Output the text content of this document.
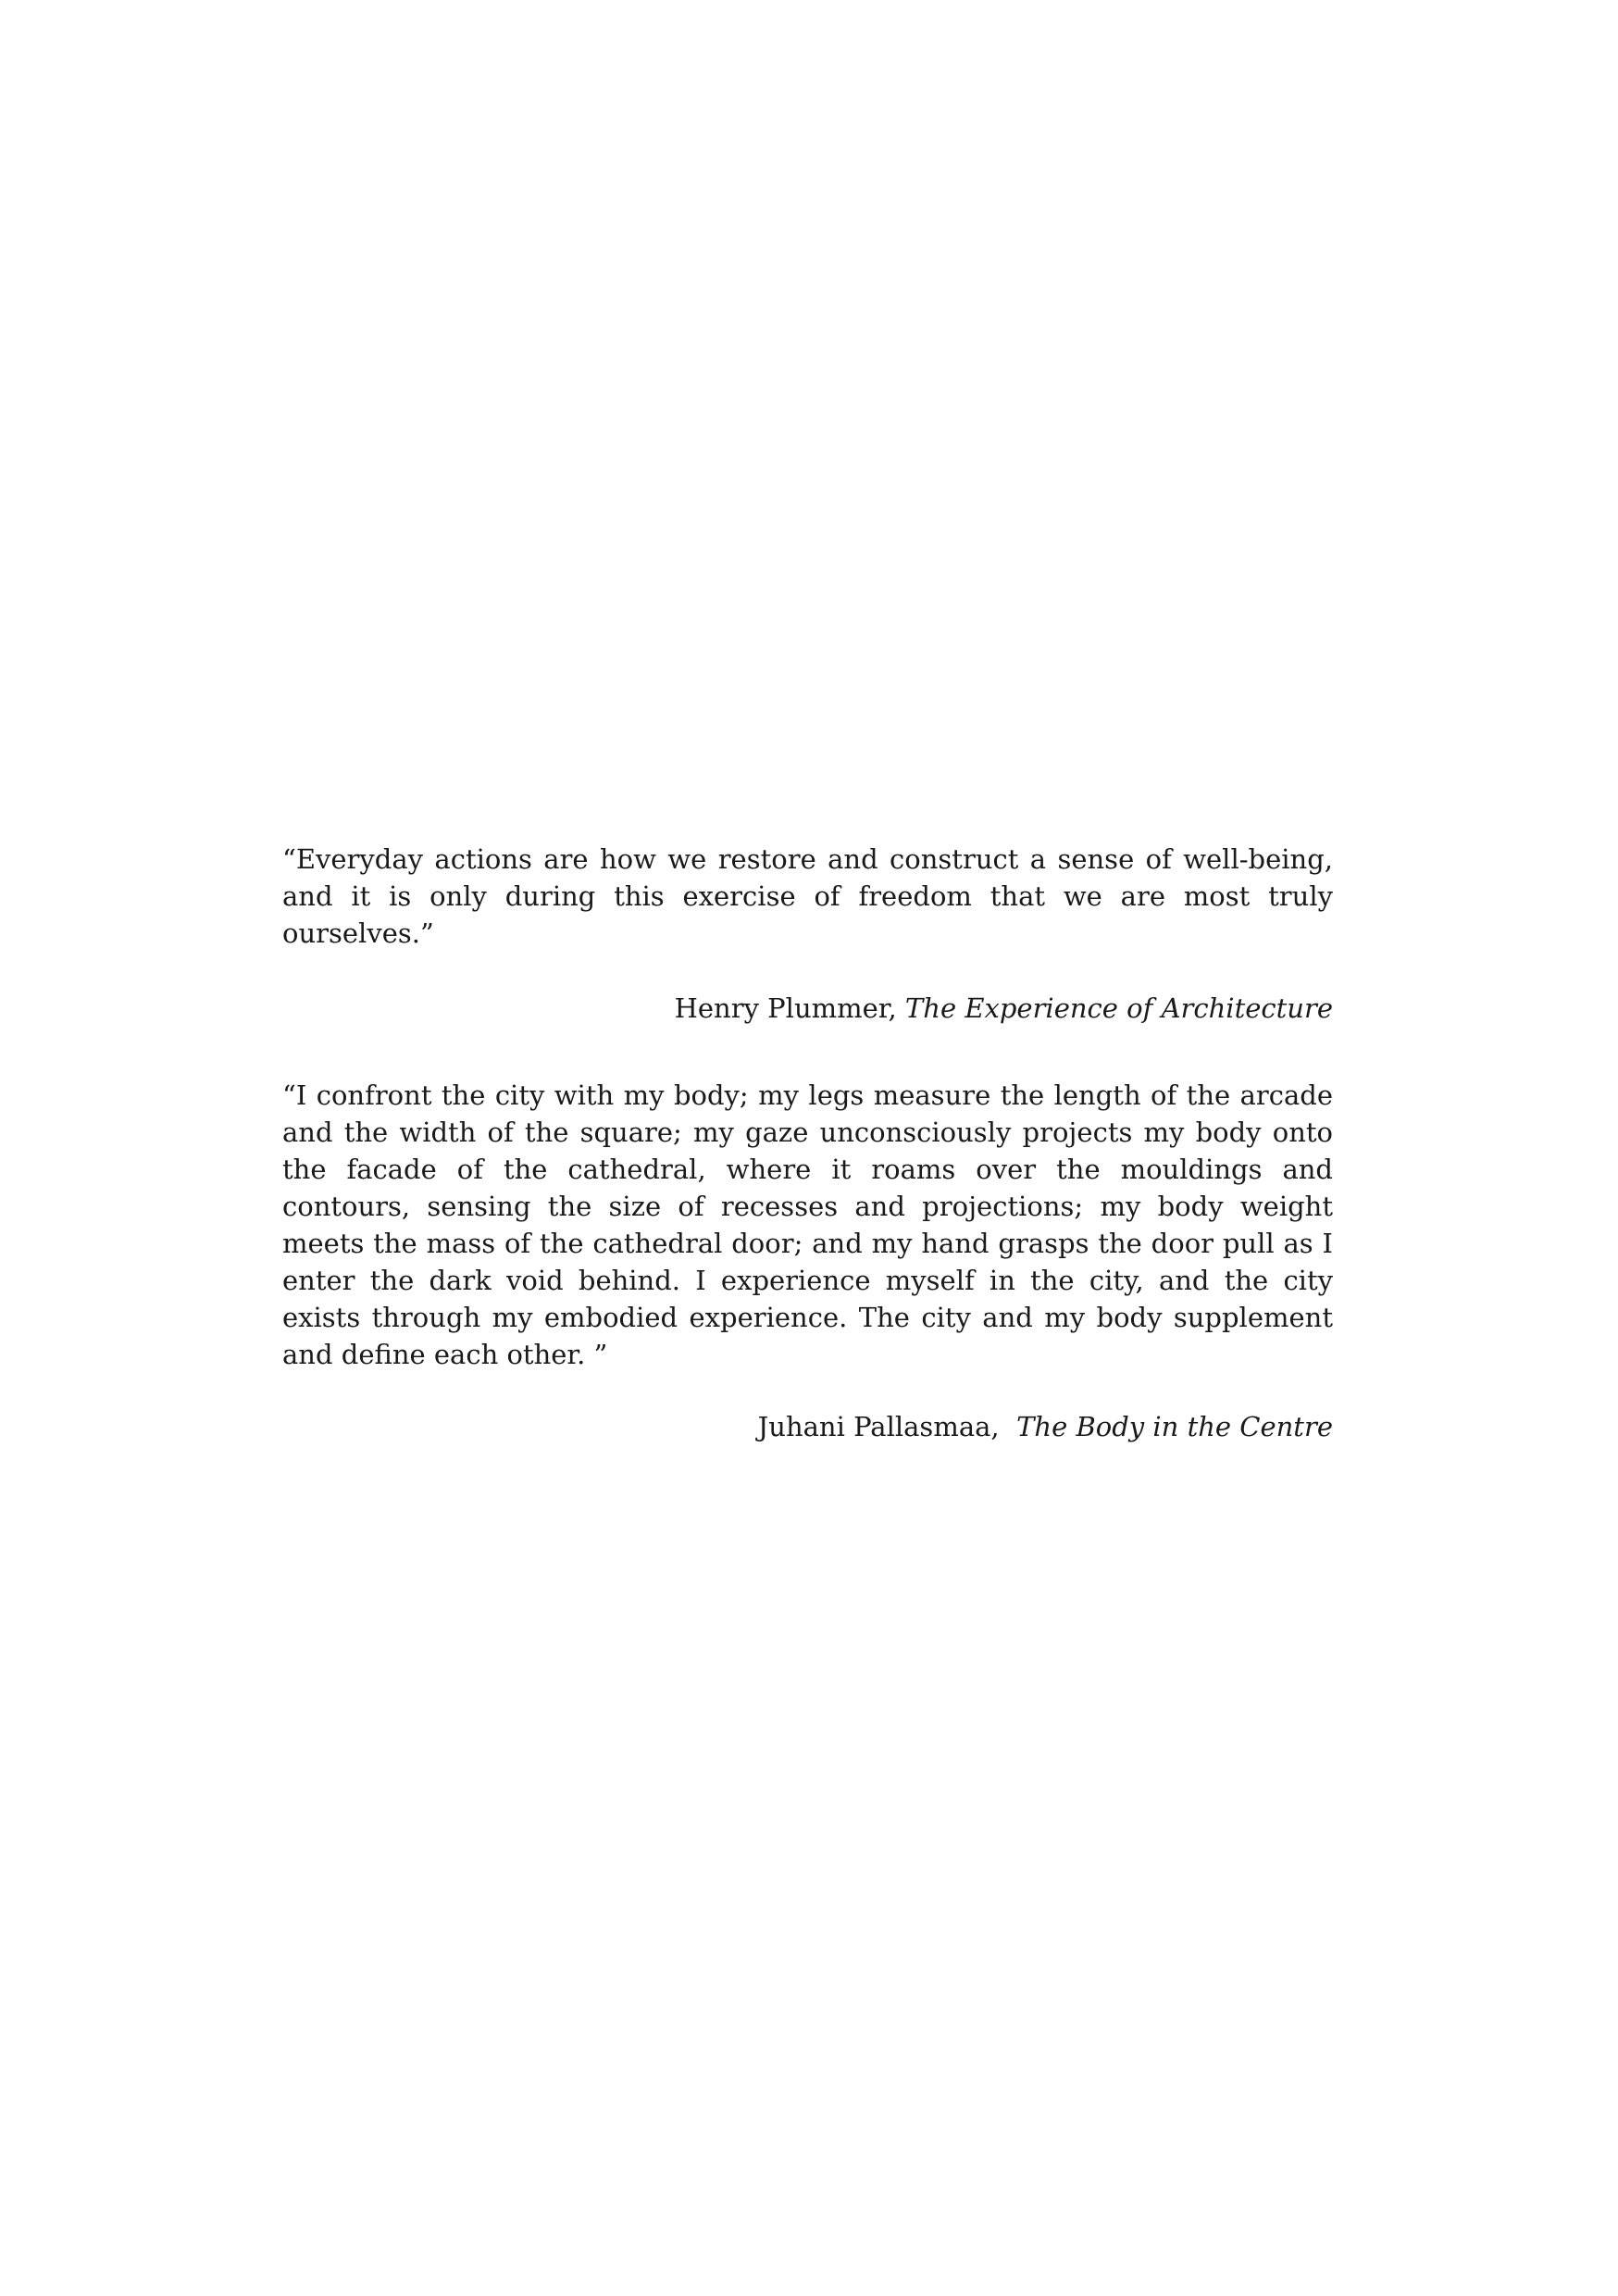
“Everyday actions are how we restore and construct a sense of well-being, and it is only during this exercise of freedom that we are most truly ourselves.”

Henry Plummer, The Experience of Architecture

“I confront the city with my body; my legs measure the length of the arcade and the width of the square; my gaze unconsciously projects my body onto the facade of the cathedral, where it roams over the mouldings and contours, sensing the size of recesses and projections; my body weight meets the mass of the cathedral door; and my hand grasps the door pull as I enter the dark void behind. I experience myself in the city, and the city exists through my embodied experience. The city and my body supplement and define each other. ”

Juhani Pallasmaa, The Body in the Centre
